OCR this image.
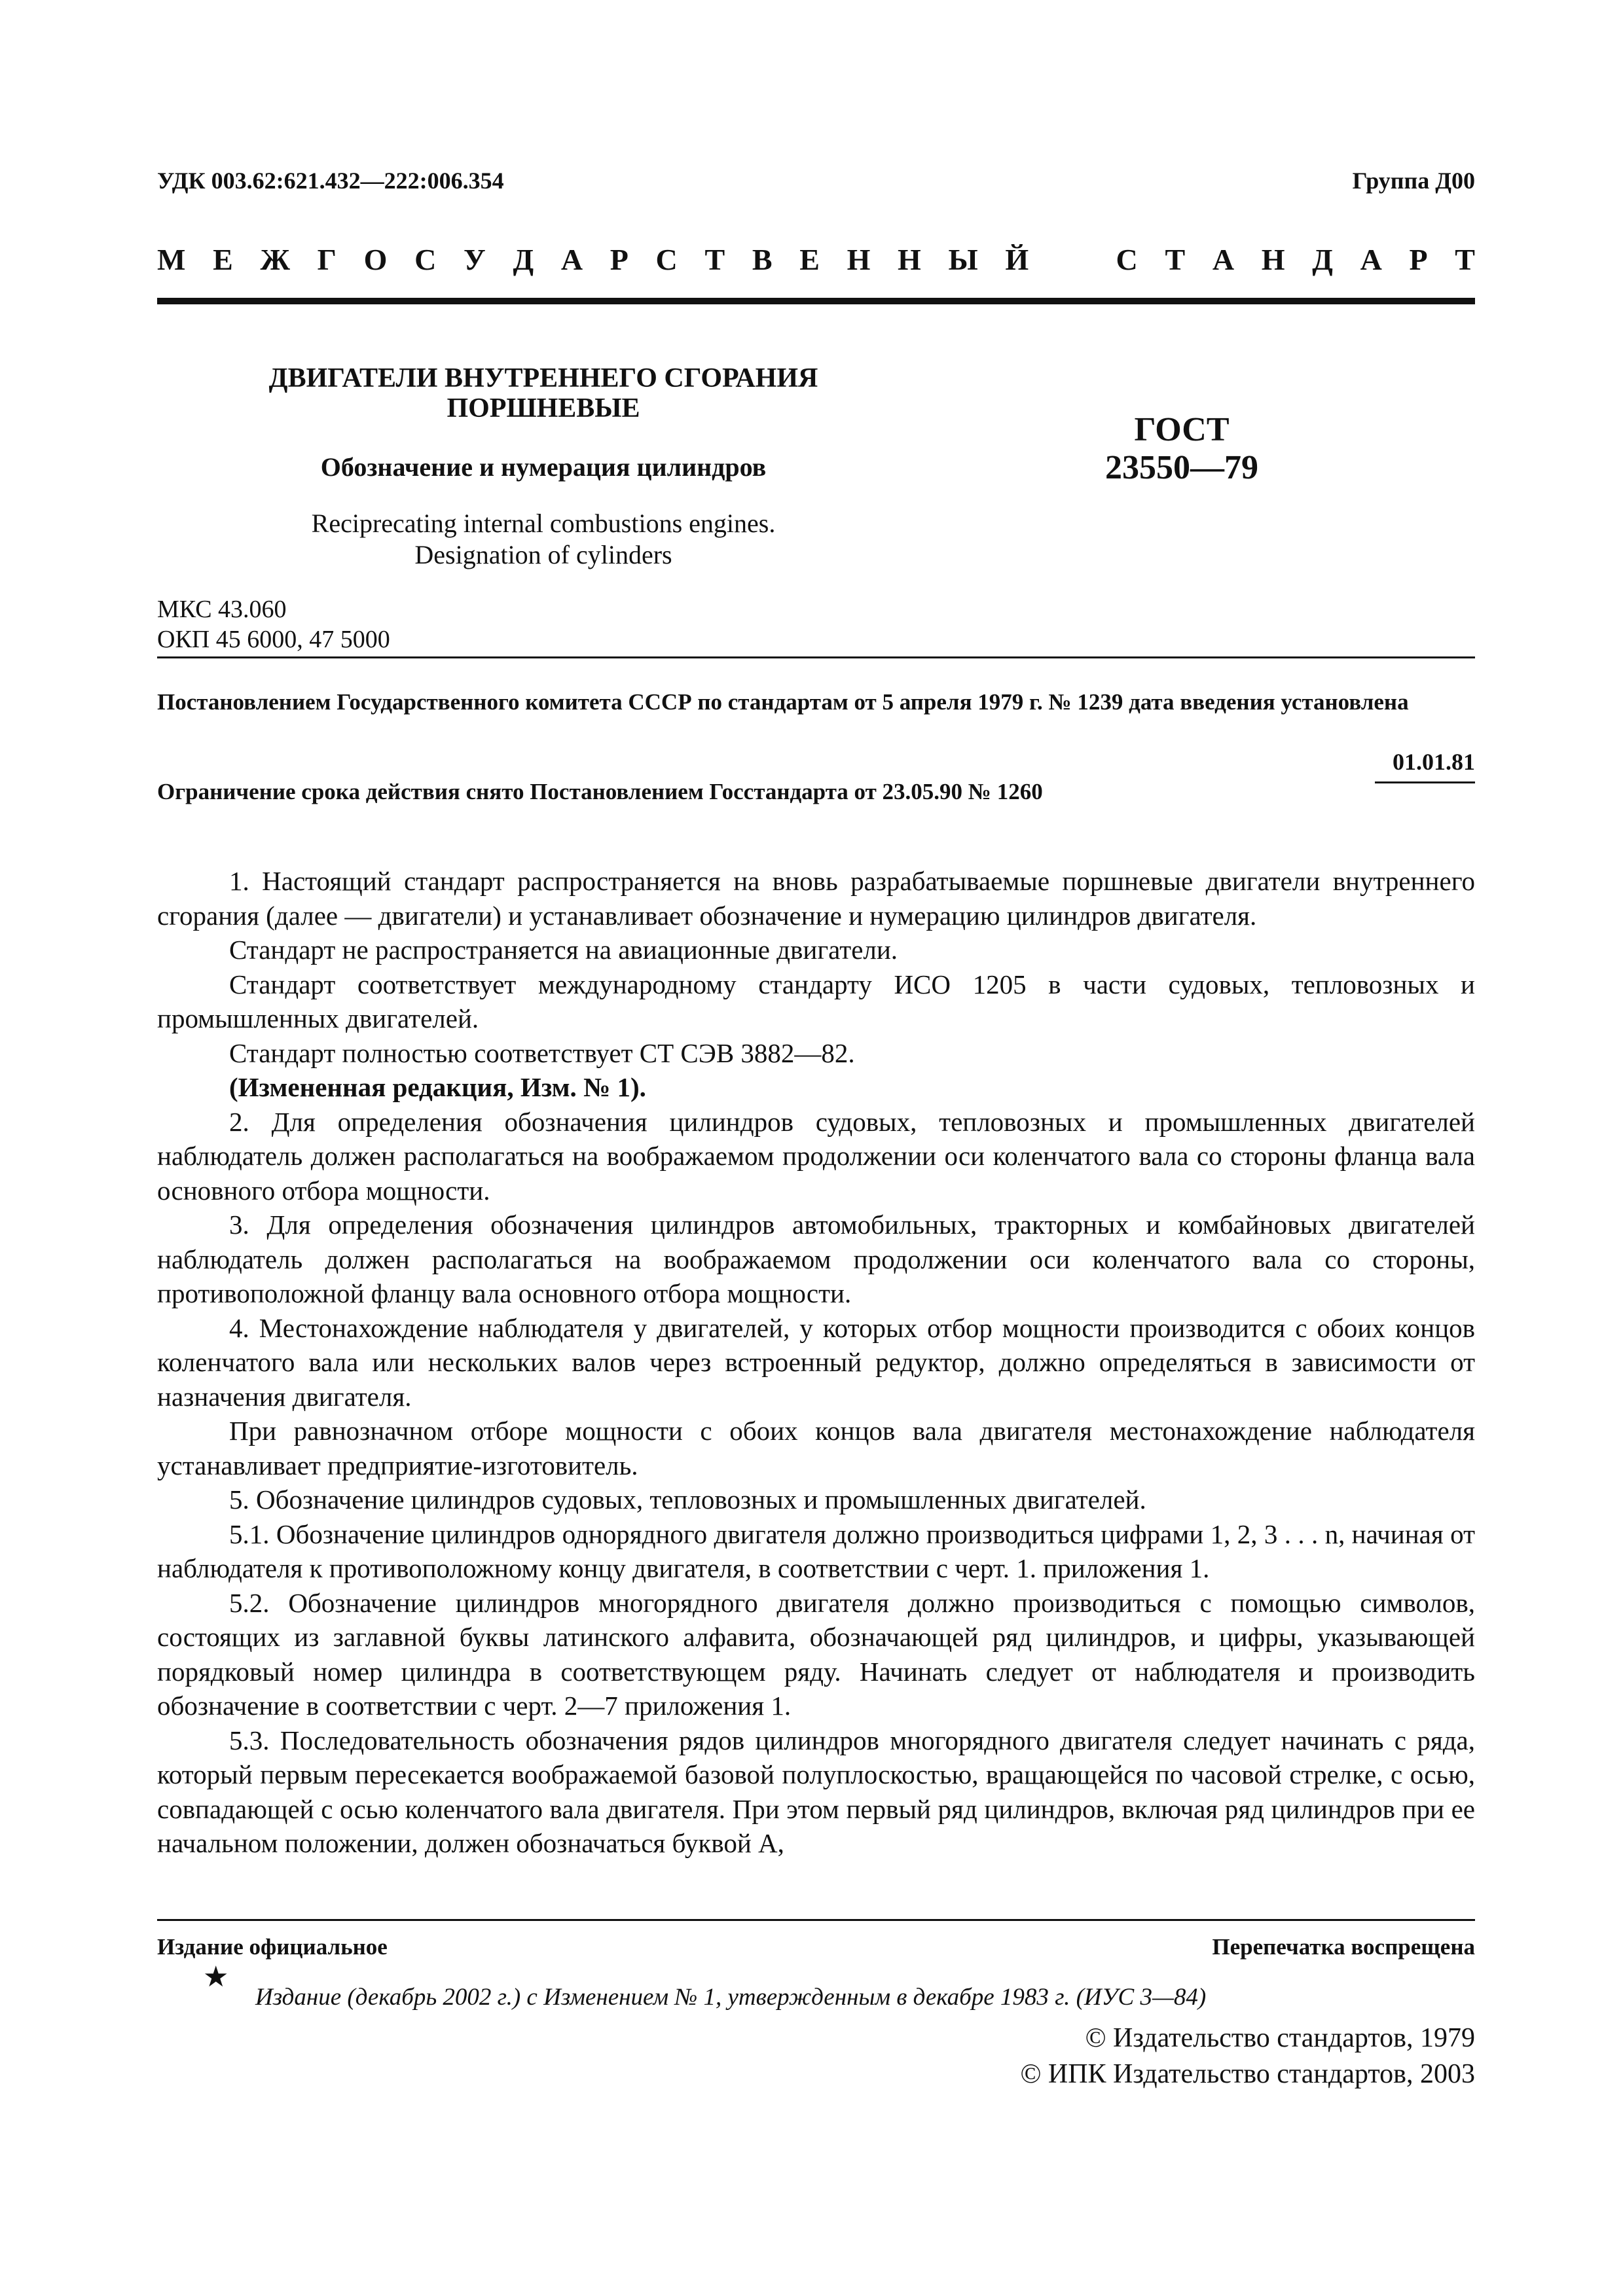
УДК 003.62:621.432—222:006.354	Группа Д00
М Е Ж Г О С У Д А Р С Т В Е Н Н Ы Й	С Т А Н Д А Р Т
ДВИГАТЕЛИ ВНУТРЕННЕГО СГОРАНИЯ
ПОРШНЕВЫЕ
Обозначение и нумерация цилиндров
Reciprecating internal combustions engines.
Designation of cylinders
ГОСТ
23550—79
МКС 43.060
ОКП 45 6000, 47 5000
Постановлением Государственного комитета СССР по стандартам от 5 апреля 1979 г. № 1239 дата введения установлена
01.01.81
Ограничение срока действия снято Постановлением Госстандарта от 23.05.90 № 1260

1. Настоящий стандарт распространяется на вновь разрабатываемые поршневые двигатели внутреннего сгорания (далее — двигатели) и устанавливает обозначение и нумерацию цилиндров двигателя.

Стандарт не распространяется на авиационные двигатели.

Стандарт соответствует международному стандарту ИСО 1205 в части судовых, тепловозных и промышленных двигателей.

Стандарт полностью соответствует СТ СЭВ 3882—82.

(Измененная редакция, Изм. № 1).

2. Для определения обозначения цилиндров судовых, тепловозных и промышленных двигателей наблюдатель должен располагаться на воображаемом продолжении оси коленчатого вала со стороны фланца вала основного отбора мощности.

3. Для определения обозначения цилиндров автомобильных, тракторных и комбайновых двигателей наблюдатель должен располагаться на воображаемом продолжении оси коленчатого вала со стороны, противоположной фланцу вала основного отбора мощности.

4. Местонахождение наблюдателя у двигателей, у которых отбор мощности производится с обоих концов коленчатого вала или нескольких валов через встроенный редуктор, должно определяться в зависимости от назначения двигателя.

При равнозначном отборе мощности с обоих концов вала двигателя местонахождение наблюдателя устанавливает предприятие-изготовитель.

5. Обозначение цилиндров судовых, тепловозных и промышленных двигателей.

5.1. Обозначение цилиндров однорядного двигателя должно производиться цифрами 1, 2, 3 . . . n, начиная от наблюдателя к противоположному концу двигателя, в соответствии с черт. 1. приложения 1.

5.2. Обозначение цилиндров многорядного двигателя должно производиться с помощью символов, состоящих из заглавной буквы латинского алфавита, обозначающей ряд цилиндров, и цифры, указывающей порядковый номер цилиндра в соответствующем ряду. Начинать следует от наблюдателя и производить обозначение в соответствии с черт. 2—7 приложения 1.

5.3. Последовательность обозначения рядов цилиндров многорядного двигателя следует начинать с ряда, который первым пересекается воображаемой базовой полуплоскостью, вращающейся по часовой стрелке, с осью, совпадающей с осью коленчатого вала двигателя. При этом первый ряд цилиндров, включая ряд цилиндров при ее начальном положении, должен обозначаться буквой А,

Издание официальное	Перепечатка воспрещена
★
Издание (декабрь 2002 г.) с Изменением № 1, утвержденным в декабре 1983 г. (ИУС 3—84)
© Издательство стандартов, 1979
© ИПК Издательство стандартов, 2003
